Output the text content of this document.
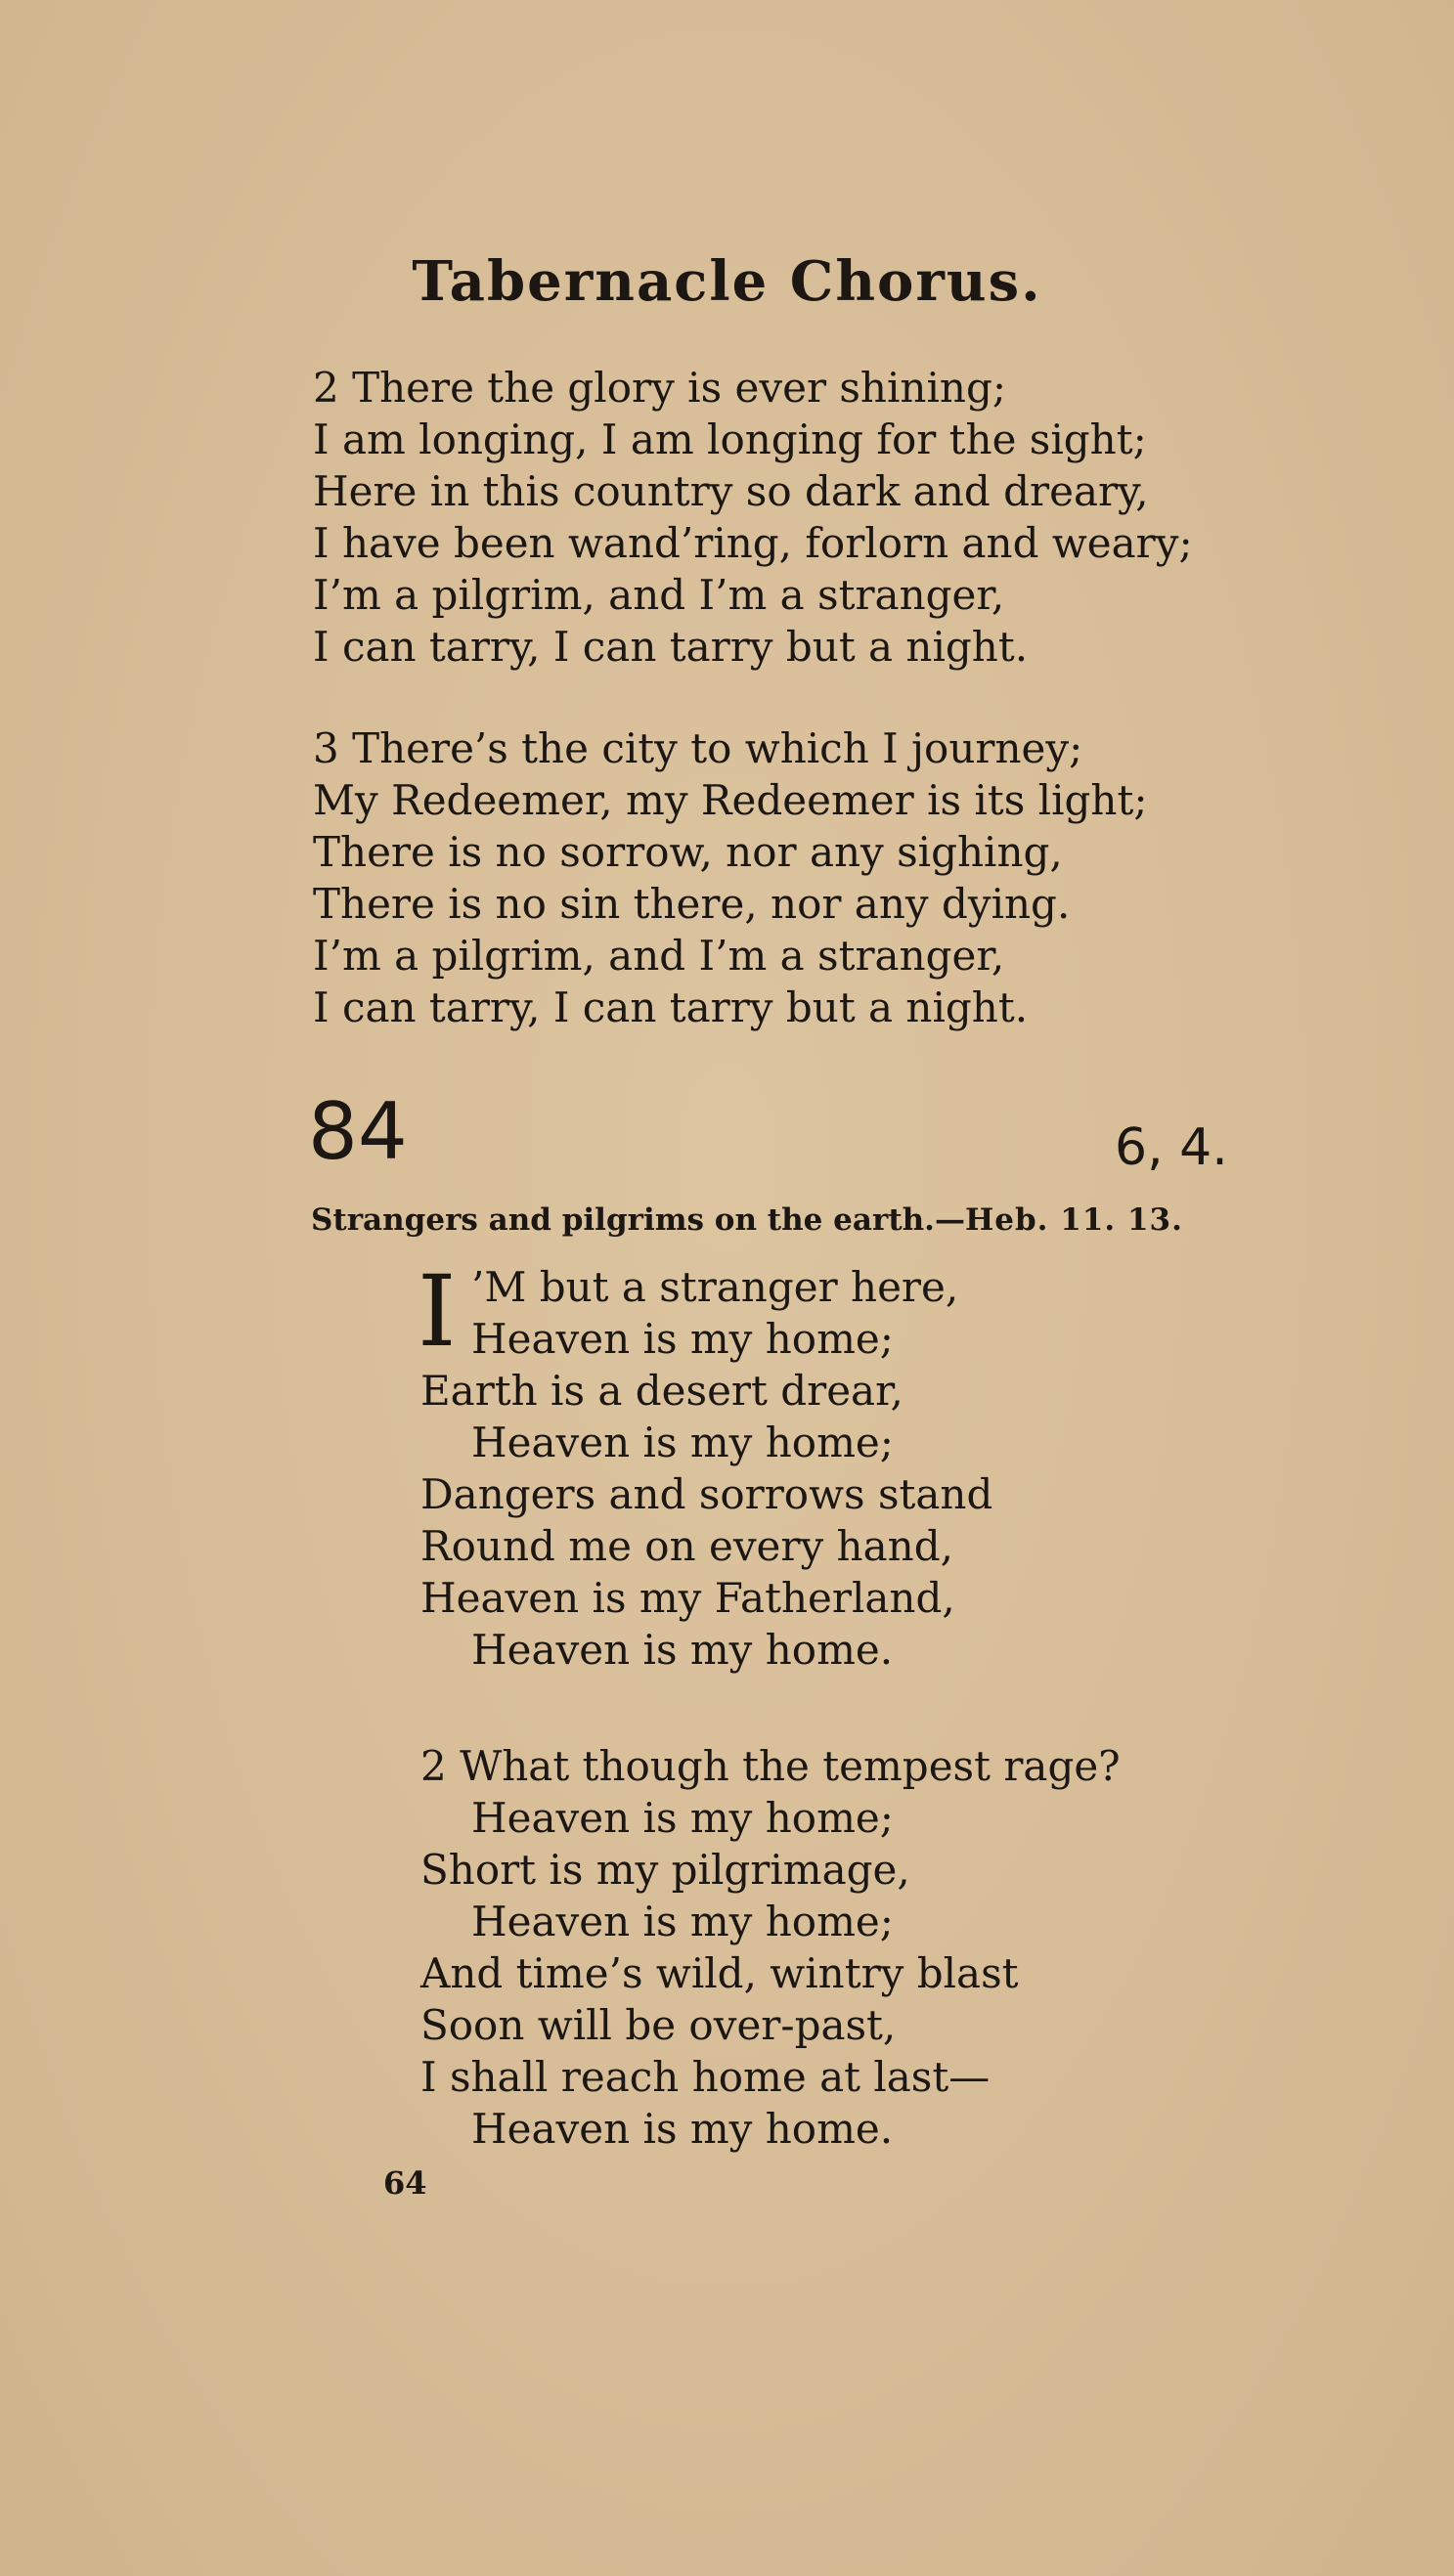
Tabernacle Chorus.
2 There the glory is ever shining;
I am longing, I am longing for the sight;
Here in this country so dark and dreary,
I have been wand’ring, forlorn and weary;
I’m a pilgrim, and I’m a stranger,
I can tarry, I can tarry but a night.
3 There’s the city to which I journey;
My Redeemer, my Redeemer is its light;
There is no sorrow, nor any sighing,
There is no sin there, nor any dying.
I’m a pilgrim, and I’m a stranger,
I can tarry, I can tarry but a night.
84	6, 4.
Strangers and pilgrims on the earth.—Heb. 11. 13.
I ’M but a stranger here,
Heaven is my home;
Earth is a desert drear,
Heaven is my home;
Dangers and sorrows stand
Round me on every hand,
Heaven is my Fatherland,
Heaven is my home.
2 What though the tempest rage?
Heaven is my home;
Short is my pilgrimage,
Heaven is my home;
And time’s wild, wintry blast
Soon will be over-past,
I shall reach home at last—
Heaven is my home.
64
